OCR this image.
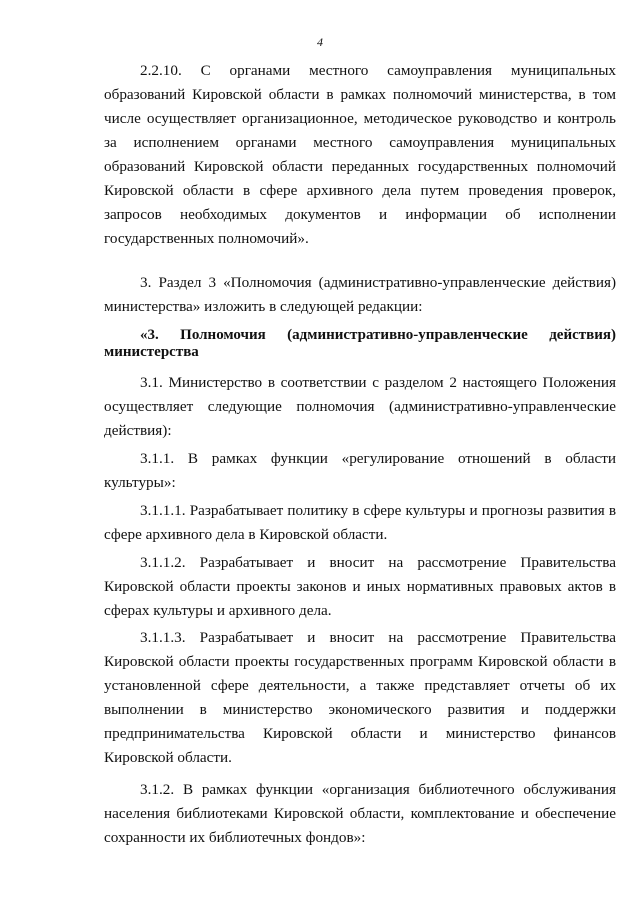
4

2.2.10. С органами местного самоуправления муниципальных образований Кировской области в рамках полномочий министерства, в том числе осуществляет организационное, методическое руководство и контроль за исполнением органами местного самоуправления муниципальных образований Кировской области переданных государственных полномочий Кировской области в сфере архивного дела путем проведения проверок, запросов необходимых документов и информации об исполнении государственных полномочий».

3. Раздел 3 «Полномочия (административно-управленческие действия) министерства» изложить в следующей редакции:

«3. Полномочия (административно-управленческие действия) министерства

3.1. Министерство в соответствии с разделом 2 настоящего Положения осуществляет следующие полномочия (административно-управленческие действия):

3.1.1. В рамках функции «регулирование отношений в области культуры»:

3.1.1.1. Разрабатывает политику в сфере культуры и прогнозы развития в сфере архивного дела в Кировской области.

3.1.1.2. Разрабатывает и вносит на рассмотрение Правительства Кировской области проекты законов и иных нормативных правовых актов в сферах культуры и архивного дела.

3.1.1.3. Разрабатывает и вносит на рассмотрение Правительства Кировской области проекты государственных программ Кировской области в установленной сфере деятельности, а также представляет отчеты об их выполнении в министерство экономического развития и поддержки предпринимательства Кировской области и министерство финансов Кировской области.

3.1.2. В рамках функции «организация библиотечного обслуживания населения библиотеками Кировской области, комплектование и обеспечение сохранности их библиотечных фондов»:
